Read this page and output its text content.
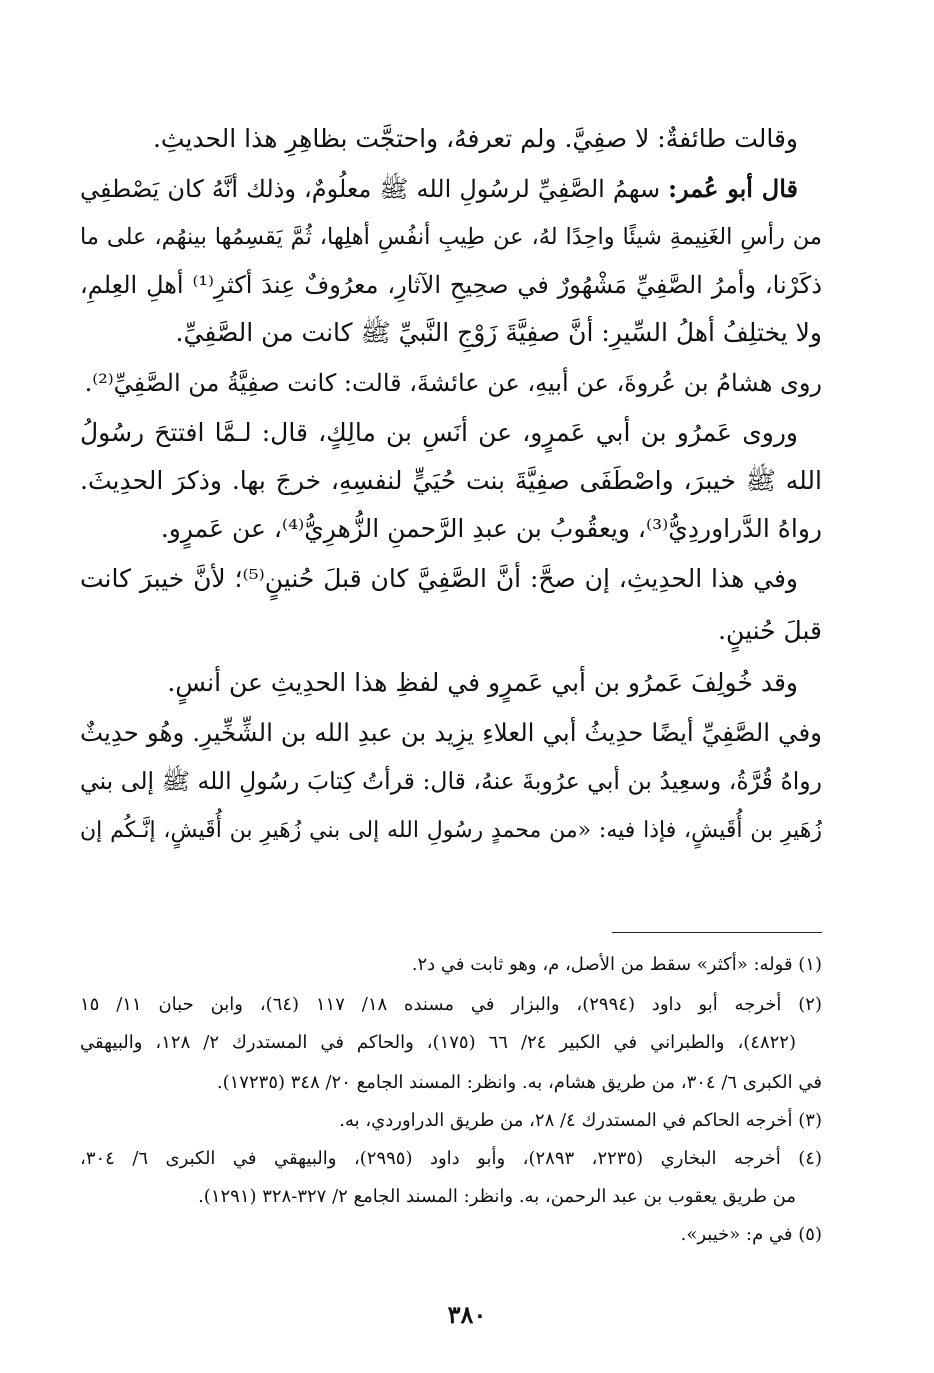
وقالت طائفةٌ: لا صفِيَّ. ولم تعرفهُ، واحتجَّت بظاهِرِ هذا الحديثِ.
قال أبو عُمر: سهمُ الصَّفِيِّ لرسُولِ الله ﷺ معلُومٌ، وذلك أنَّهُ كان يَصْطفِي
من رأسِ الغَنِيمةِ شيئًا واحِدًا لهُ، عن طِيبِ أنفُسِ أهلِها، ثُمَّ يَقسِمُها بينهُم، على ما
ذكَرْنا، وأمرُ الصَّفِيِّ مَشْهُورٌ في صحِيحِ الآثارِ، معرُوفٌ عِندَ أكثرِ⁽¹⁾ أهلِ العِلمِ،
ولا يختلِفُ أهلُ السِّيرِ: أنَّ صفِيَّةَ زَوْجِ النَّبيِّ ﷺ كانت من الصَّفِيِّ.
روى هشامُ بن عُروةَ، عن أبيهِ، عن عائشةَ، قالت: كانت صفِيَّةُ من الصَّفِيِّ⁽²⁾.
وروى عَمرُو بن أبي عَمرٍو، عن أنَسِ بن مالِكٍ، قال: لـمَّا افتتحَ رسُولُ
الله ﷺ خيبرَ، واصْطَفَى صفِيَّةَ بنت حُيَيٍّ لنفسِهِ، خرجَ بها. وذكرَ الحدِيثَ.
رواهُ الدَّراوردِيُّ⁽³⁾، ويعقُوبُ بن عبدِ الرَّحمنِ الزُّهرِيُّ⁽⁴⁾، عن عَمرٍو.
وفي هذا الحدِيثِ، إن صحَّ: أنَّ الصَّفِيَّ كان قبلَ حُنينٍ⁽⁵⁾؛ لأنَّ خيبرَ كانت
قبلَ حُنينٍ.
وقد خُولِفَ عَمرُو بن أبي عَمرٍو في لفظِ هذا الحدِيثِ عن أنسٍ.
وفي الصَّفِيِّ أيضًا حدِيثُ أبي العلاءِ يزِيد بن عبدِ الله بن الشِّخِّيرِ. وهُو حدِيثٌ
رواهُ قُرَّةُ، وسعِيدُ بن أبي عرُوبةَ عنهُ، قال: قرأتُ كِتابَ رسُولِ الله ﷺ إلى بني
زُهَيرِ بن أُقَيشٍ، فإذا فيه: «من محمدٍ رسُولِ الله إلى بني زُهَيرِ بن أُقَيشٍ، إنَّـكُم إن
(١) قوله: «أكثر» سقط من الأصل، م، وهو ثابت في د٢.
(٢) أخرجه أبو داود (٢٩٩٤)، والبزار في مسنده ١٨/ ١١٧ (٦٤)، وابن حبان ١١/ ١٥
(٤٨٢٢)، والطبراني في الكبير ٢٤/ ٦٦ (١٧٥)، والحاكم في المستدرك ٢/ ١٢٨، والبيهقي
في الكبرى ٦/ ٣٠٤، من طريق هشام، به. وانظر: المسند الجامع ٢٠/ ٣٤٨ (١٧٢٣٥).
(٣) أخرجه الحاكم في المستدرك ٤/ ٢٨، من طريق الدراوردي، به.
(٤) أخرجه البخاري (٢٢٣٥، ٢٨٩٣)، وأبو داود (٢٩٩٥)، والبيهقي في الكبرى ٦/ ٣٠٤،
من طريق يعقوب بن عبد الرحمن، به. وانظر: المسند الجامع ٢/ ٣٢٧-٣٢٨ (١٢٩١).
(٥) في م: «خيبر».
٣٨٠
